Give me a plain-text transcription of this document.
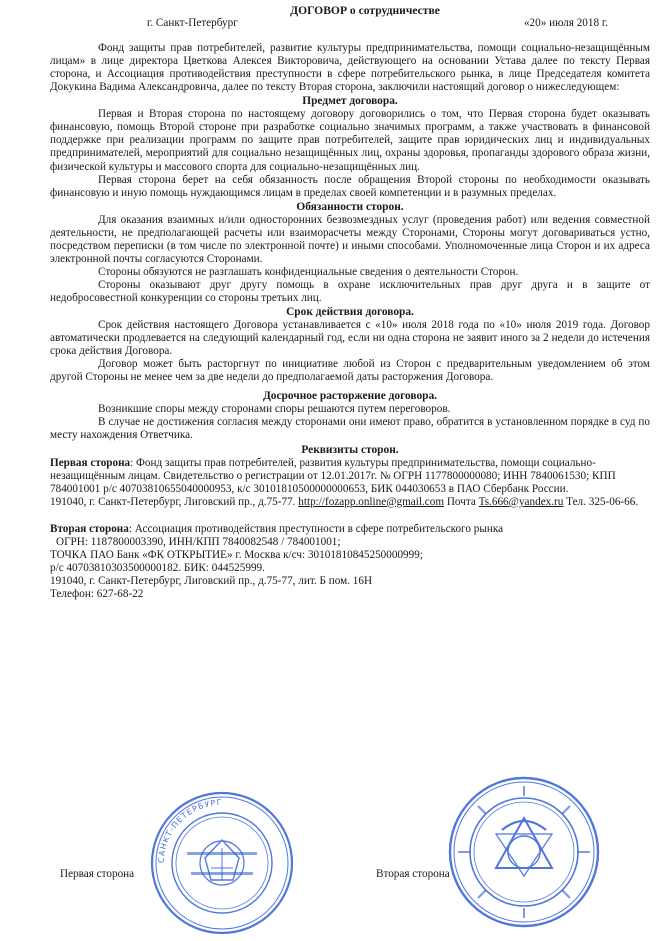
ДОГОВОР о сотрудничестве
г. Санкт-Петербург	«20» июля 2018 г.

Фонд защиты прав потребителей, развитие культуры предпринимательства, помощи социально-незащищённым лицам» в лице директора Цветкова Алексея Викторовича, действующего на основании Устава далее по тексту Первая сторона, и Ассоциация противодействия преступности в сфере потребительского рынка, в лице Председателя комитета Докукина Вадима Александровича, далее по тексту Вторая сторона, заключили настоящий договор о нижеследующем:

Предмет договора.

Первая и Вторая сторона по настоящему договору договорились о том, что Первая сторона будет оказывать финансовую, помощь Второй стороне при разработке социально значимых программ, а также участвовать в финансовой поддержке при реализации программ по защите прав потребителей, защите прав юридических лиц и индивидуальных предпринимателей, мероприятий для социально незащищённых лиц, охраны здоровья, пропаганды здорового образа жизни, физической культуры и массового спорта для социально-незащищённых лиц.

Первая сторона берет на себя обязанность после обращения Второй стороны по необходимости оказывать финансовую и иную помощь нуждающимся лицам в пределах своей компетенции и в разумных пределах.

Обязанности сторон.

Для оказания взаимных и/или односторонних безвозмездных услуг (проведения работ) или ведения совместной деятельности, не предполагающей расчеты или взаиморасчеты между Сторонами, Стороны могут договариваться устно, посредством переписки (в том числе по электронной почте) и иными способами. Уполномоченные лица Сторон и их адреса электронной почты согласуются Сторонами.

Стороны обязуются не разглашать конфиденциальные сведения о деятельности Сторон.

Стороны оказывают друг другу помощь в охране исключительных прав друг друга и в защите от недобросовестной конкуренции со стороны третьих лиц.

Срок действия договора.

Срок действия настоящего Договора устанавливается с «10» июля 2018 года по «10» июля 2019 года. Договор автоматически продлевается на следующий календарный год, если ни одна сторона не заявит иного за 2 недели до истечения срока действия Договора.

Договор может быть расторгнут по инициативе любой из Сторон с предварительным уведомлением об этом другой Стороны не менее чем за две недели до предполагаемой даты расторжения Договора.

Досрочное расторжение договора.

Возникшие споры между сторонами споры решаются путем переговоров.

В случае не достижения согласия между сторонами они имеют право, обратится в установленном порядке в суд по месту нахождения Ответчика.

Реквизиты сторон.

Первая сторона: Фонд защиты прав потребителей, развития культуры предпринимательства, помощи социально-незащищённым лицам. Свидетельство о регистрации от 12.01.2017г. № ОГРН 1177800000080; ИНН 7840061530; КПП 784001001 р/с 40703810655040000953, к/с 30101810500000000653, БИК 044030653 в ПАО Сбербанк России.

191040, г. Санкт-Петербург, Лиговский пр., д.75-77. http://fozapp.online@gmail.com Почта Ts.666@yandex.ru Тел. 325-06-66.

Вторая сторона: Ассоциация противодействия преступности в сфере потребительского рынка

ОГРН: 1187800003390, ИНН/КПП 7840082548 / 784001001;

ТОЧКА ПАО Банк «ФК ОТКРЫТИЕ» г. Москва к/сч: 30101810845250000999;

р/с 40703810303500000182. БИК: 044525999.

191040, г. Санкт-Петербург, Лиговский пр., д.75-77, лит. Б пом. 16Н

Телефон: 627-68-22

Первая сторона	Вторая сторона
САНКТ-ПЕТЕРБУРГ
